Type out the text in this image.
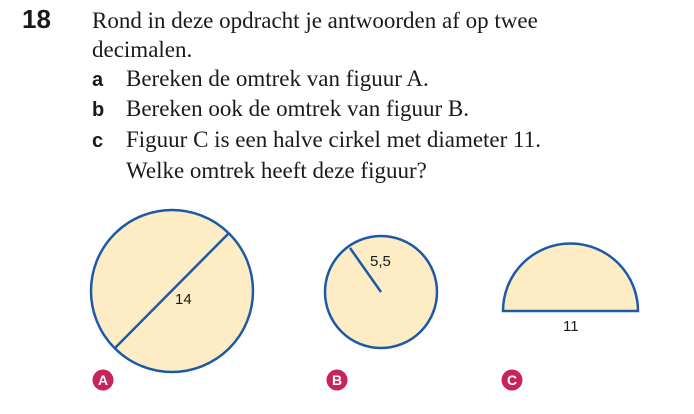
18 Rond in deze opdracht je antwoorden af op twee
decimalen.
a Bereken de omtrek van figuur A.
b Bereken ook de omtrek van figuur B.
c Figuur C is een halve cirkel met diameter 11.
Welke omtrek heeft deze figuur?
14
A
5,5
B
11
C
